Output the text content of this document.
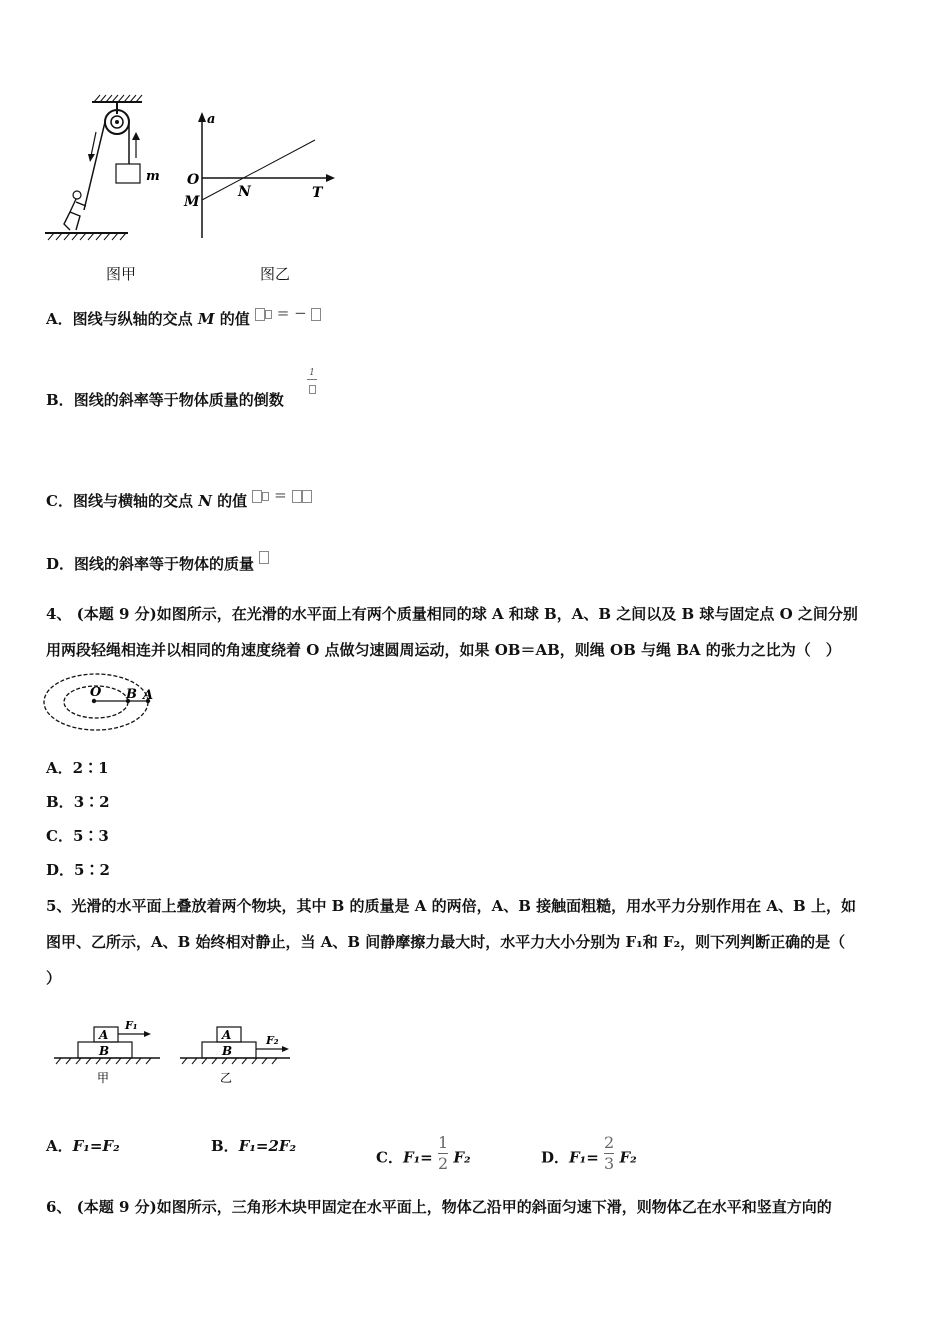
m
a
T
O
M
N
图甲	图乙
A．图线与纵轴的交点 M 的值 = −
B．图线的斜率等于物体质量的倒数
1
C．图线与横轴的交点 N 的值 =
D．图线的斜率等于物体的质量
4、 (本题 9 分)如图所示，在光滑的水平面上有两个质量相同的球 A 和球 B，A、B 之间以及 B 球与固定点 O 之间分别
用两段轻绳相连并以相同的角速度绕着 O 点做匀速圆周运动，如果 OB＝AB，则绳 OB 与绳 BA 的张力之比为（　）
O B A
A．2∶1
B．3∶2
C．5∶3
D．5∶2
5、光滑的水平面上叠放着两个物块，其中 B 的质量是 A 的两倍，A、B 接触面粗糙，用水平力分别作用在 A、B 上，如
图甲、乙所示，A、B 始终相对静止，当 A、B 间静摩擦力最大时，水平力大小分别为 F₁和 F₂，则下列判断正确的是（
）
A
B
F₁
甲
A
B
F₂
乙
A．F₁=F₂	B．F₁=2F₂
C．$F_1= \frac{1}{2} F_2$	D．$F_1= \frac{2}{3} F_2$
6、 (本题 9 分)如图所示，三角形木块甲固定在水平面上，物体乙沿甲的斜面匀速下滑，则物体乙在水平和竖直方向的
